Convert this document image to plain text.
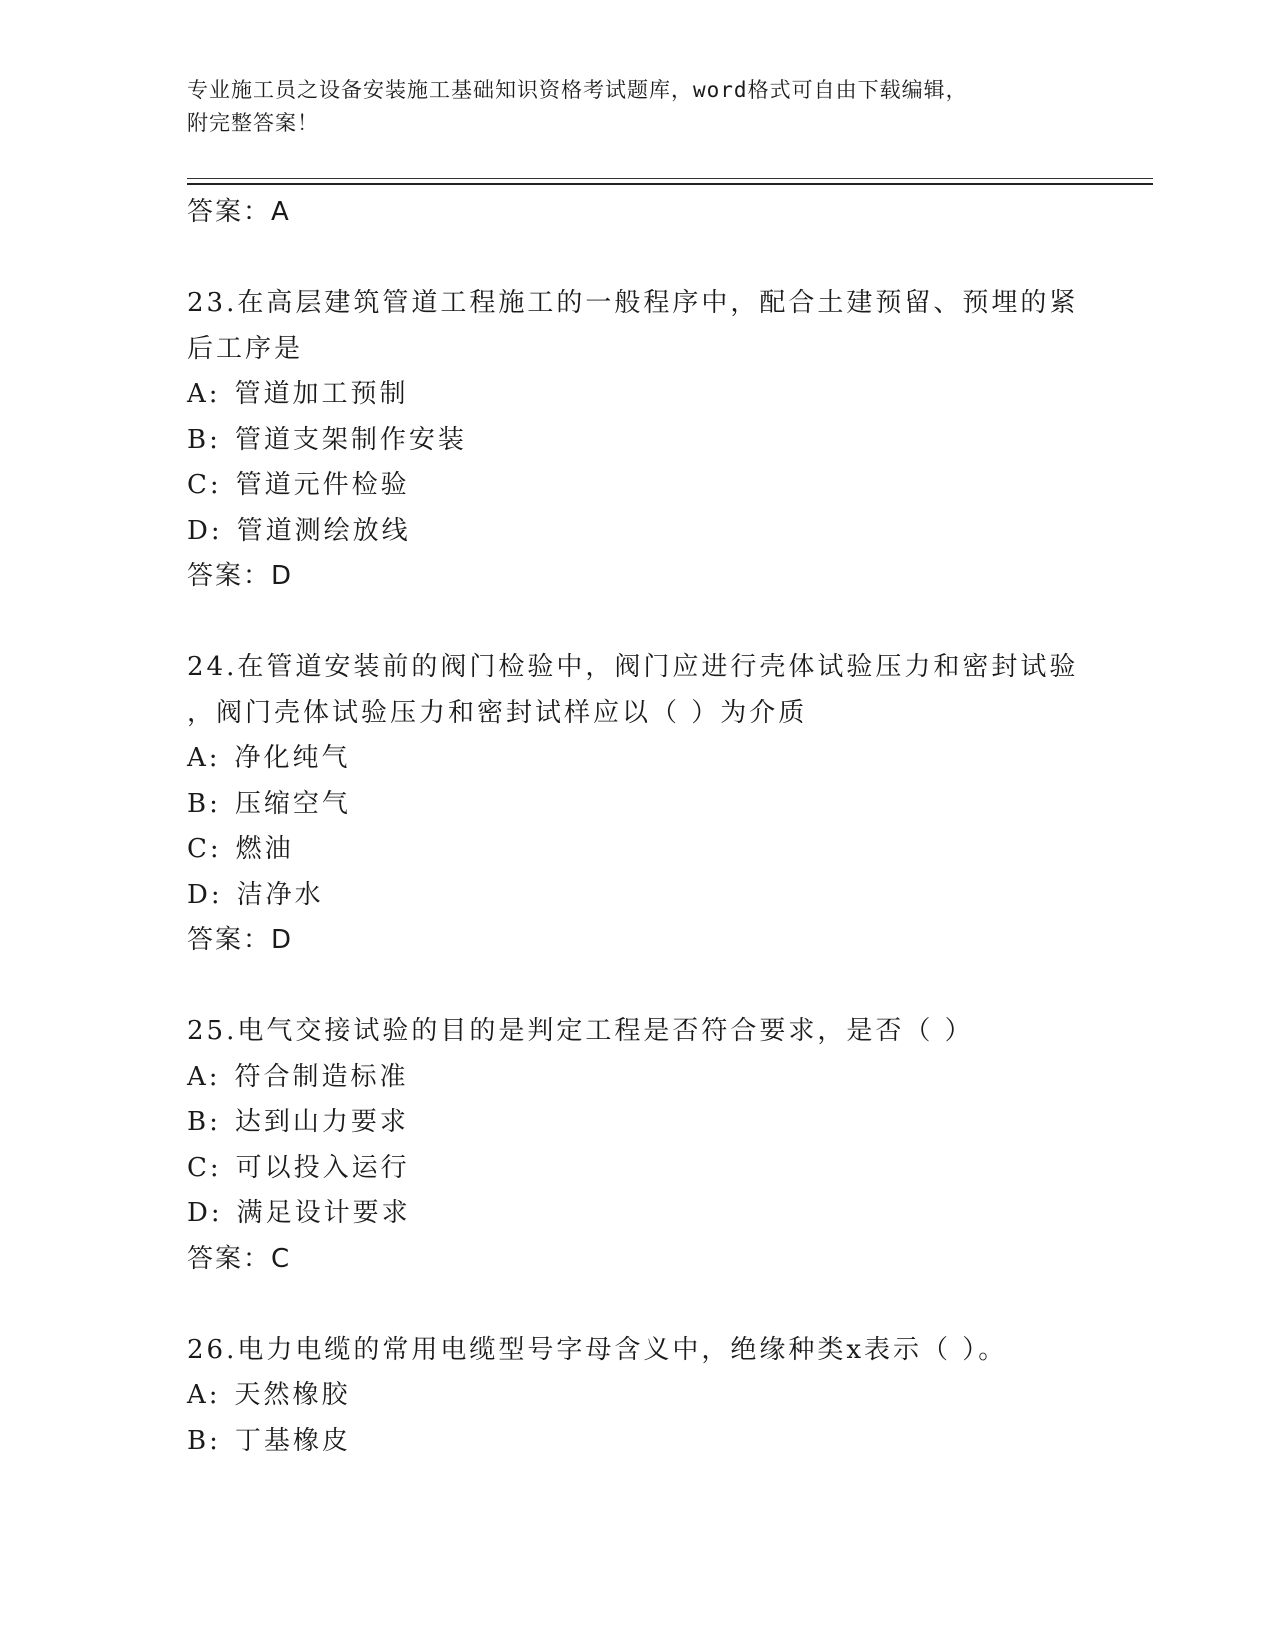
专业施工员之设备安装施工基础知识资格考试题库，word格式可自由下载编辑，
附完整答案！
答案：A
23.在高层建筑管道工程施工的一般程序中，配合土建预留、预埋的紧
后工序是
A: 管道加工预制
B: 管道支架制作安装
C: 管道元件检验
D: 管道测绘放线
答案：D
24.在管道安装前的阀门检验中，阀门应进行壳体试验压力和密封试验
，阀门壳体试验压力和密封试样应以（ ）为介质
A: 净化纯气
B: 压缩空气
C: 燃油
D: 洁净水
答案：D
25.电气交接试验的目的是判定工程是否符合要求，是否（ ）
A: 符合制造标准
B: 达到山力要求
C: 可以投入运行
D: 满足设计要求
答案：C
26.电力电缆的常用电缆型号字母含义中，绝缘种类x表示（ ）。
A: 天然橡胶
B: 丁基橡皮
